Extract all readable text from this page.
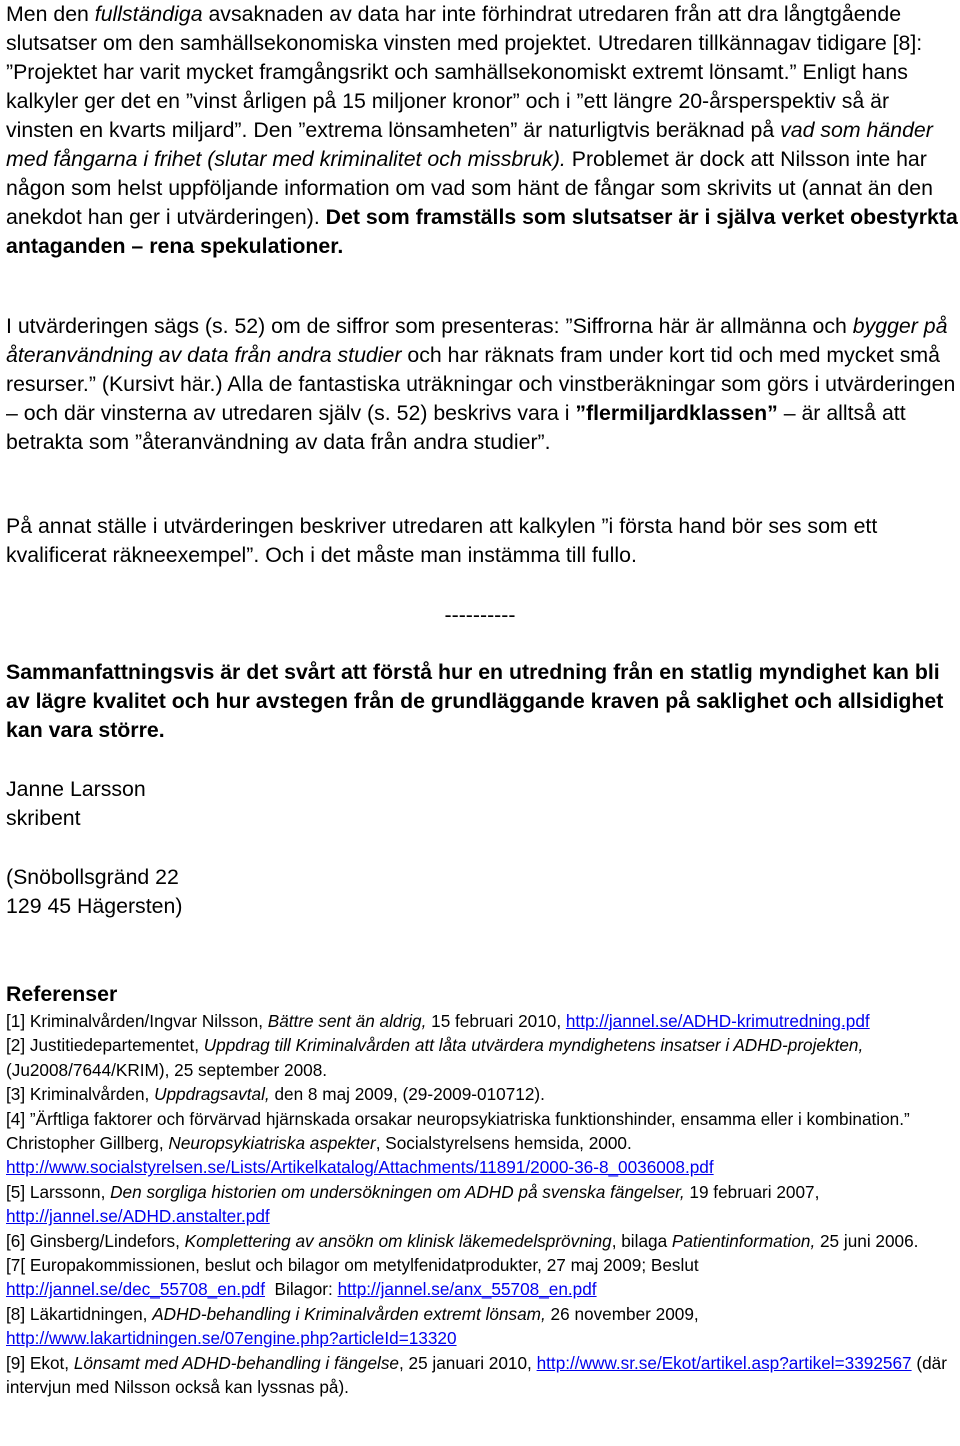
Men den fullständiga avsaknaden av data har inte förhindrat utredaren från att dra långtgående slutsatser om den samhällsekonomiska vinsten med projektet. Utredaren tillkännagav tidigare [8]: ”Projektet har varit mycket framgångsrikt och samhällsekonomiskt extremt lönsamt.” Enligt hans kalkyler ger det en ”vinst årligen på 15 miljoner kronor” och i ”ett längre 20-årsperspektiv så är vinsten en kvarts miljard”. Den ”extrema lönsamheten” är naturligtvis beräknad på vad som händer med fångarna i frihet (slutar med kriminalitet och missbruk). Problemet är dock att Nilsson inte har någon som helst uppföljande information om vad som hänt de fångar som skrivits ut (annat än den anekdot han ger i utvärderingen). Det som framställs som slutsatser är i själva verket obestyrkta antaganden – rena spekulationer.

I utvärderingen sägs (s. 52) om de siffror som presenteras: ”Siffrorna här är allmänna och bygger på återanvändning av data från andra studier och har räknats fram under kort tid och med mycket små resurser.” (Kursivt här.) Alla de fantastiska uträkningar och vinstberäkningar som görs i utvärderingen – och där vinsterna av utredaren själv (s. 52) beskrivs vara i ”flermiljardklassen” – är alltså att betrakta som ”återanvändning av data från andra studier”.

På annat ställe i utvärderingen beskriver utredaren att kalkylen ”i första hand bör ses som ett kvalificerat räkneexempel”. Och i det måste man instämma till fullo.

----------

Sammanfattningsvis är det svårt att förstå hur en utredning från en statlig myndighet kan bli av lägre kvalitet och hur avstegen från de grundläggande kraven på saklighet och allsidighet kan vara större.

Janne Larsson
skribent
(Snöbollsgränd 22
129 45 Hägersten)
Referenser
[1] Kriminalvården/Ingvar Nilsson, Bättre sent än aldrig, 15 februari 2010, http://jannel.se/ADHD-krimutredning.pdf
[2] Justitiedepartementet, Uppdrag till Kriminalvården att låta utvärdera myndighetens insatser i ADHD-projekten, (Ju2008/7644/KRIM), 25 september 2008.
[3] Kriminalvården, Uppdragsavtal, den 8 maj 2009, (29-2009-010712).
[4] ”Ärftliga faktorer och förvärvad hjärnskada orsakar neuropsykiatriska funktionshinder, ensamma eller i kombination.” Christopher Gillberg, Neuropsykiatriska aspekter, Socialstyrelsens hemsida, 2000. http://www.socialstyrelsen.se/Lists/Artikelkatalog/Attachments/11891/2000-36-8_0036008.pdf
[5] Larssonn, Den sorgliga historien om undersökningen om ADHD på svenska fängelser, 19 februari 2007, http://jannel.se/ADHD.anstalter.pdf
[6] Ginsberg/Lindefors, Komplettering av ansökn om klinisk läkemedelsprövning, bilaga Patientinformation, 25 juni 2006.
[7[ Europakommissionen, beslut och bilagor om metylfenidatprodukter, 27 maj 2009; Beslut http://jannel.se/dec_55708_en.pdf  Bilagor: http://jannel.se/anx_55708_en.pdf
[8] Läkartidningen, ADHD-behandling i Kriminalvården extremt lönsam, 26 november 2009, http://www.lakartidningen.se/07engine.php?articleId=13320
[9] Ekot, Lönsamt med ADHD-behandling i fängelse, 25 januari 2010, http://www.sr.se/Ekot/artikel.asp?artikel=3392567 (där intervjun med Nilsson också kan lyssnas på).
